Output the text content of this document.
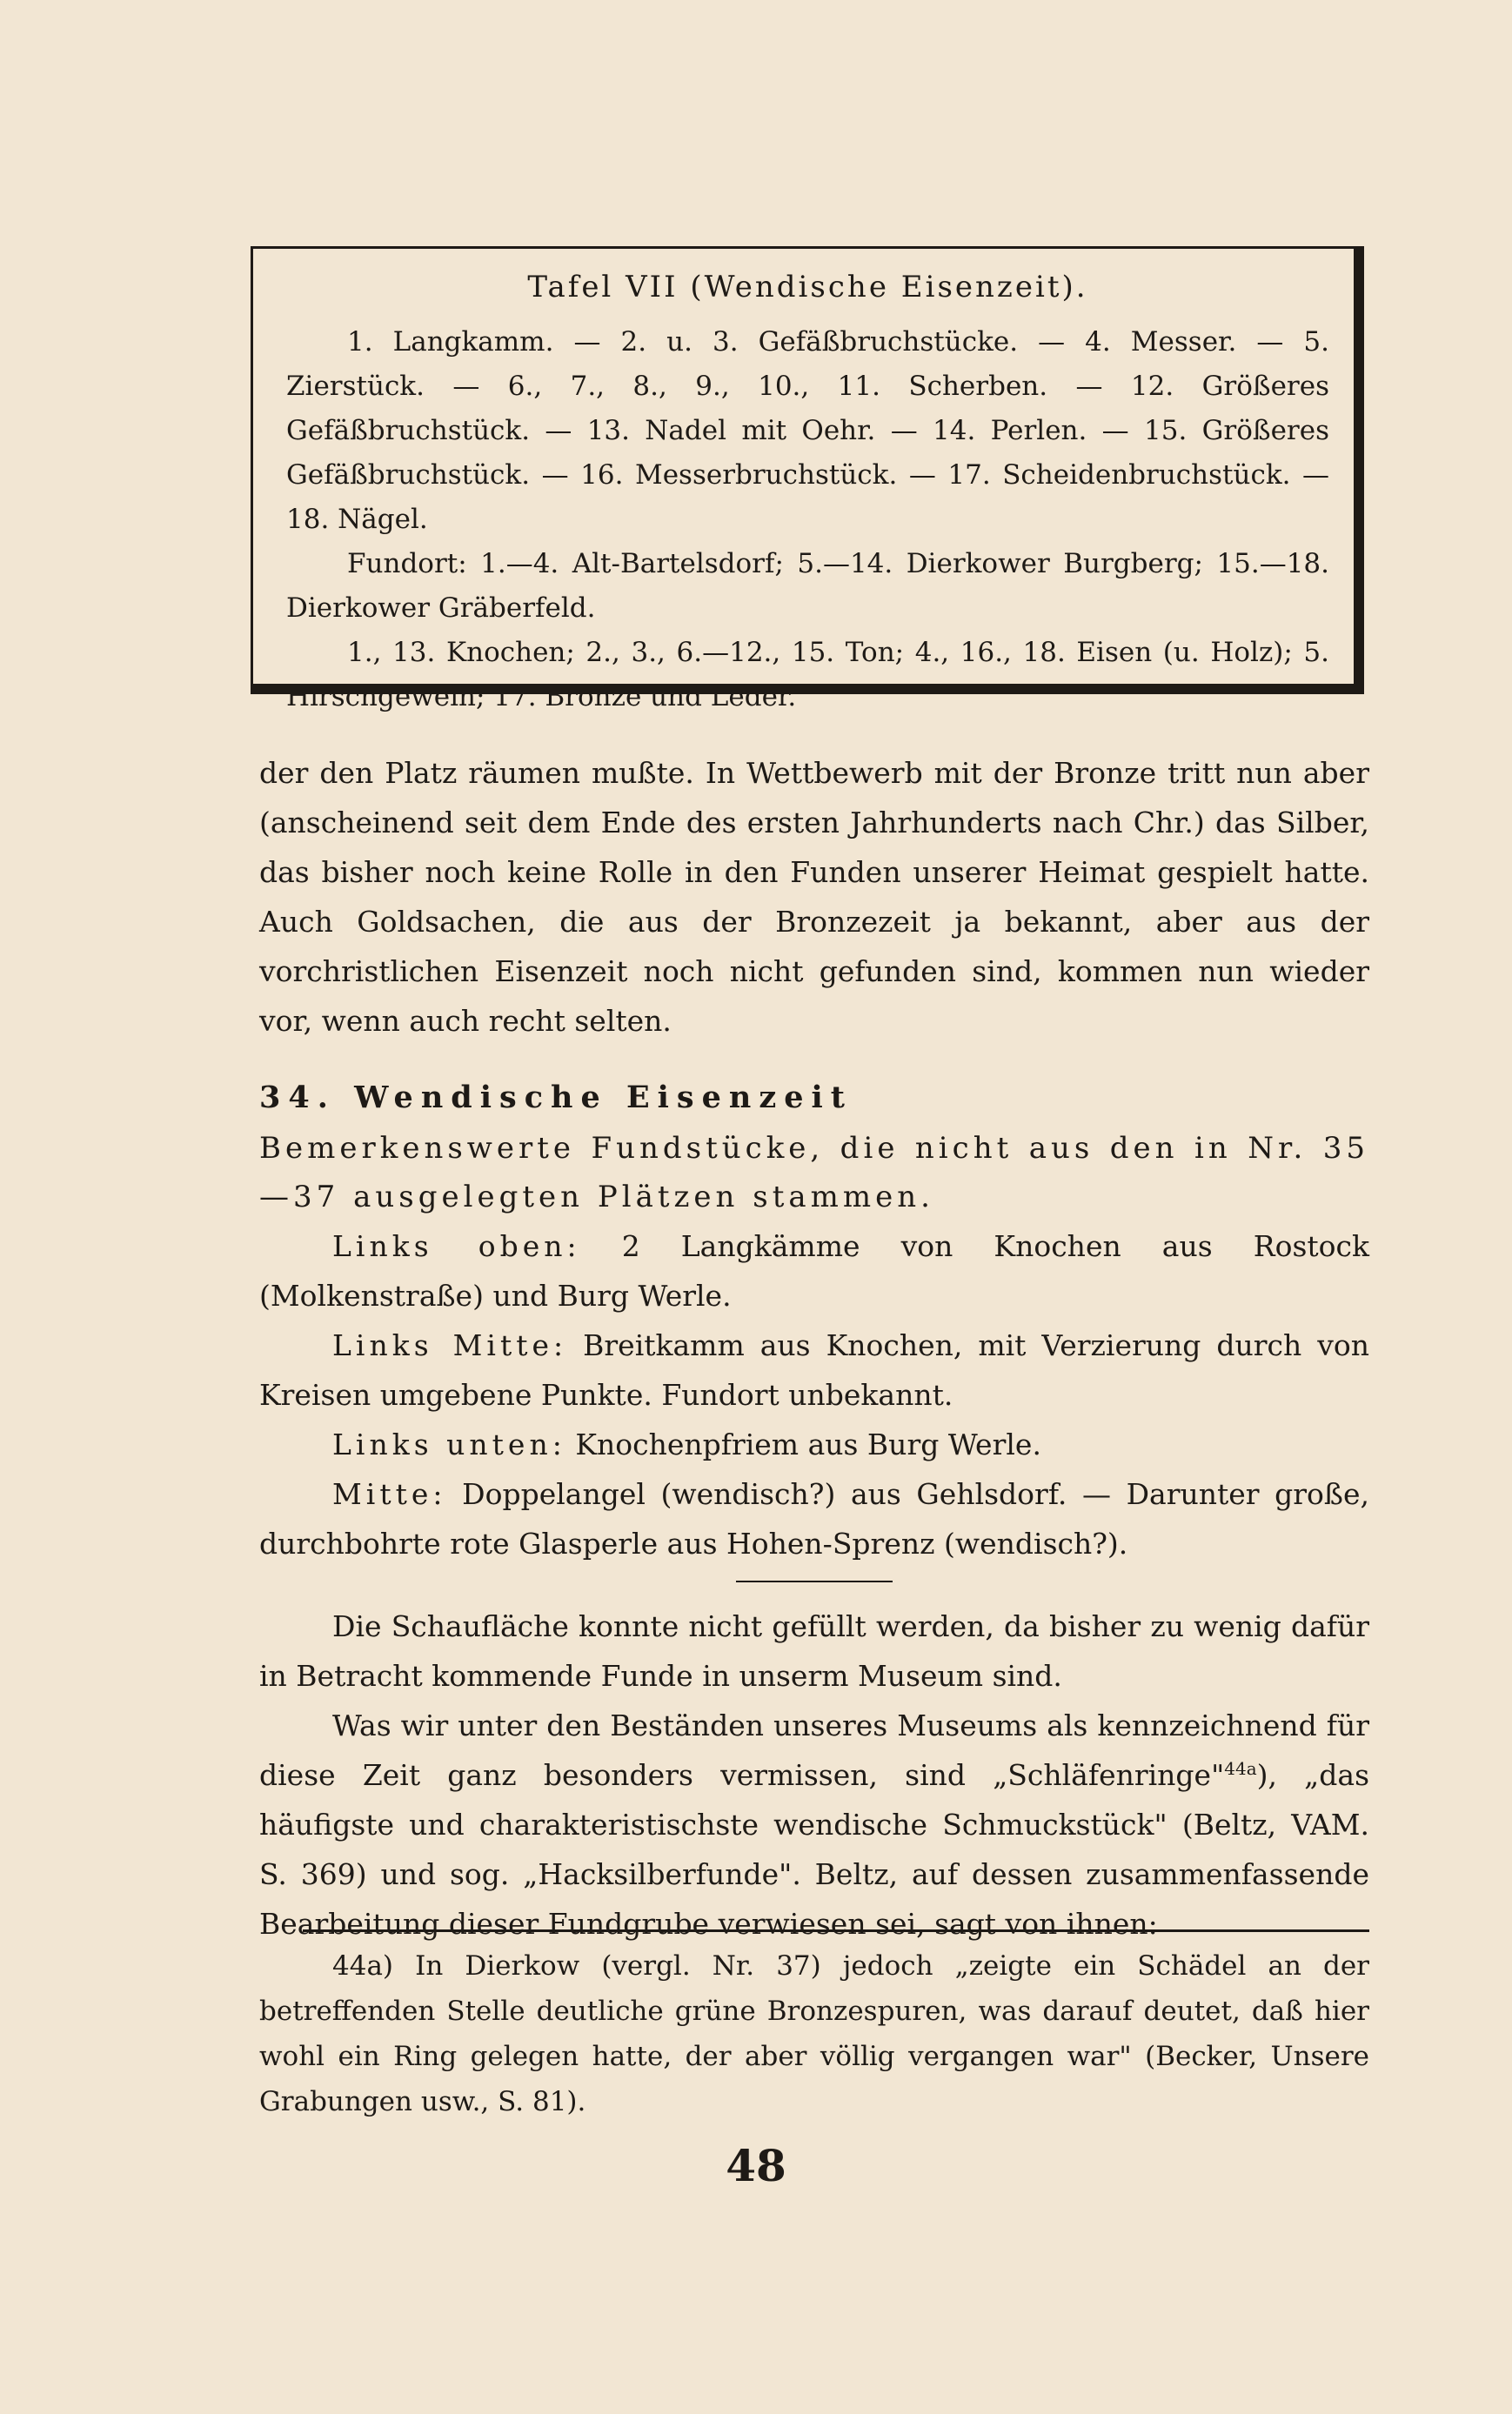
Tafel VII (Wendische Eisenzeit).

1. Langkamm. — 2. u. 3. Gefäßbruchstücke. — 4. Messer. — 5. Zierstück. — 6., 7., 8., 9., 10., 11. Scherben. — 12. Größeres Gefäßbruchstück. — 13. Nadel mit Oehr. — 14. Perlen. — 15. Größeres Gefäßbruchstück. — 16. Messerbruchstück. — 17. Scheidenbruchstück. — 18. Nägel.

Fundort: 1.—4. Alt-Bartelsdorf; 5.—14. Dierkower Burgberg; 15.—18. Dierkower Gräberfeld.

1., 13. Knochen; 2., 3., 6.—12., 15. Ton; 4., 16., 18. Eisen (u. Holz); 5. Hirschgeweih; 17. Bronze und Leder.

der den Platz räumen mußte. In Wettbewerb mit der Bronze tritt nun aber (anscheinend seit dem Ende des ersten Jahrhunderts nach Chr.) das Silber, das bisher noch keine Rolle in den Funden unserer Heimat gespielt hatte. Auch Goldsachen, die aus der Bronzezeit ja bekannt, aber aus der vorchristlichen Eisenzeit noch nicht gefunden sind, kommen nun wieder vor, wenn auch recht selten.

34. Wendische Eisenzeit

Bemerkenswerte Fundstücke, die nicht aus den in Nr. 35—37 ausgelegten Plätzen stammen.

Links oben: 2 Langkämme von Knochen aus Rostock (Molkenstraße) und Burg Werle.

Links Mitte: Breitkamm aus Knochen, mit Verzierung durch von Kreisen umgebene Punkte. Fundort unbekannt.

Links unten: Knochenpfriem aus Burg Werle.

Mitte: Doppelangel (wendisch?) aus Gehlsdorf. — Darunter große, durchbohrte rote Glasperle aus Hohen-Sprenz (wendisch?).

Die Schaufläche konnte nicht gefüllt werden, da bisher zu wenig dafür in Betracht kommende Funde in unserm Museum sind.

Was wir unter den Beständen unseres Museums als kennzeichnend für diese Zeit ganz besonders vermissen, sind „Schläfenringe"$^{44a}$), „das häufigste und charakteristischste wendische Schmuckstück" (Beltz, VAM. S. 369) und sog. „Hacksilberfunde". Beltz, auf dessen zusammenfassende Bearbeitung dieser Fundgrube verwiesen sei, sagt von ihnen:

44a) In Dierkow (vergl. Nr. 37) jedoch „zeigte ein Schädel an der betreffenden Stelle deutliche grüne Bronzespuren, was darauf deutet, daß hier wohl ein Ring gelegen hatte, der aber völlig vergangen war" (Becker, Unsere Grabungen usw., S. 81).

48
